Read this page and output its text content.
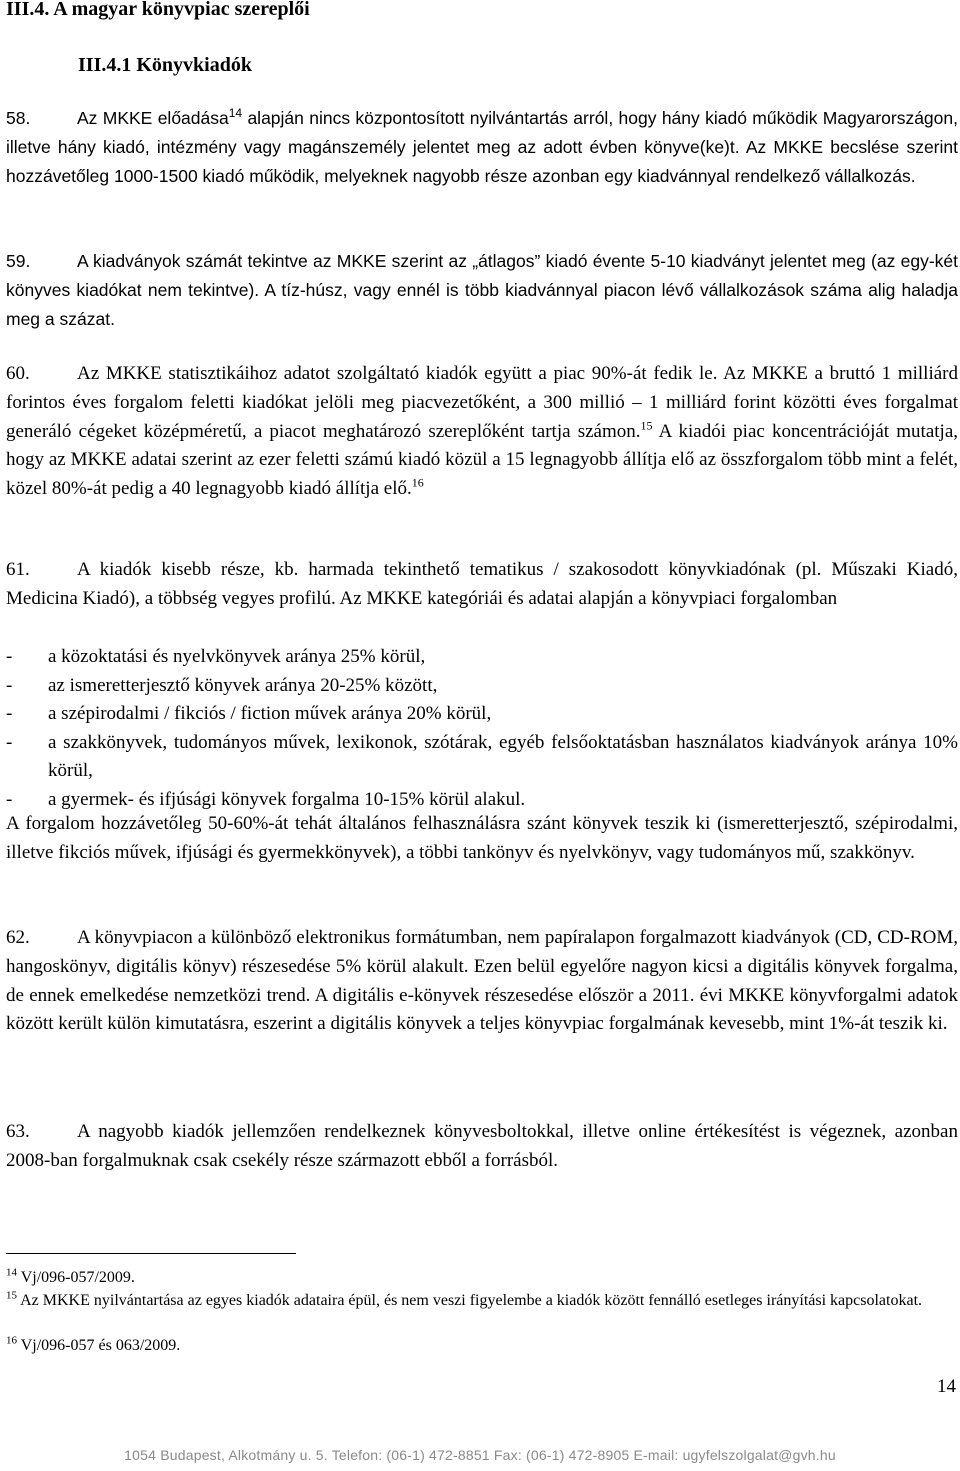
III.4. A magyar könyvpiac szereplői
III.4.1 Könyvkiadók
58.	Az MKKE előadása$^{14}$ alapján nincs központosított nyilvántartás arról, hogy hány kiadó működik Magyarországon, illetve hány kiadó, intézmény vagy magánszemély jelentet meg az adott évben könyve(ke)t. Az MKKE becslése szerint hozzávetőleg 1000-1500 kiadó működik, melyeknek nagyobb része azonban egy kiadvánnyal rendelkező vállalkozás.
59.	A kiadványok számát tekintve az MKKE szerint az „átlagos” kiadó évente 5-10 kiadványt jelentet meg (az egy-két könyves kiadókat nem tekintve). A tíz-húsz, vagy ennél is több kiadvánnyal piacon lévő vállalkozások száma alig haladja meg a százat.
60. Az MKKE statisztikáihoz adatot szolgáltató kiadók együtt a piac 90%-át fedik le. Az MKKE a bruttó 1 milliárd forintos éves forgalom feletti kiadókat jelöli meg piacvezetőként, a 300 millió – 1 milliárd forint közötti éves forgalmat generáló cégeket középméretű, a piacot meghatározó szereplőként tartja számon.$^{15}$ A kiadói piac koncentrációját mutatja, hogy az MKKE adatai szerint az ezer feletti számú kiadó közül a 15 legnagyobb állítja elő az összforgalom több mint a felét, közel 80%-át pedig a 40 legnagyobb kiadó állítja elő.$^{16}$
61. A kiadók kisebb része, kb. harmada tekinthető tematikus / szakosodott könyvkiadónak (pl. Műszaki Kiadó, Medicina Kiadó), a többség vegyes profilú. Az MKKE kategóriái és adatai alapján a könyvpiaci forgalomban
- a közoktatási és nyelvkönyvek aránya 25% körül,
- az ismeretterjesztő könyvek aránya 20-25% között,
- a szépirodalmi / fikciós / fiction művek aránya 20% körül,
- a szakkönyvek, tudományos művek, lexikonok, szótárak, egyéb felsőoktatásban használatos kiadványok aránya 10% körül,
- a gyermek- és ifjúsági könyvek forgalma 10-15% körül alakul.
A forgalom hozzávetőleg 50-60%-át tehát általános felhasználásra szánt könyvek teszik ki (ismeretterjesztő, szépirodalmi, illetve fikciós művek, ifjúsági és gyermekkönyvek), a többi tankönyv és nyelvkönyv, vagy tudományos mű, szakkönyv.
62. A könyvpiacon a különböző elektronikus formátumban, nem papíralapon forgalmazott kiadványok (CD, CD-ROM, hangoskönyv, digitális könyv) részesedése 5% körül alakult. Ezen belül egyelőre nagyon kicsi a digitális könyvek forgalma, de ennek emelkedése nemzetközi trend. A digitális e-könyvek részesedése először a 2011. évi MKKE könyvforgalmi adatok között került külön kimutatásra, eszerint a digitális könyvek a teljes könyvpiac forgalmának kevesebb, mint 1%-át teszik ki.
63. A nagyobb kiadók jellemzően rendelkeznek könyvesboltokkal, illetve online értékesítést is végeznek, azonban 2008-ban forgalmuknak csak csekély része származott ebből a forrásból.
$^{14}$ Vj/096-057/2009.
$^{15}$ Az MKKE nyilvántartása az egyes kiadók adataira épül, és nem veszi figyelembe a kiadók között fennálló esetleges irányítási kapcsolatokat.
$^{16}$ Vj/096-057 és 063/2009.
14
1054 Budapest, Alkotmány u. 5. Telefon: (06-1) 472-8851 Fax: (06-1) 472-8905 E-mail: ugyfelszolgalat@gvh.hu
